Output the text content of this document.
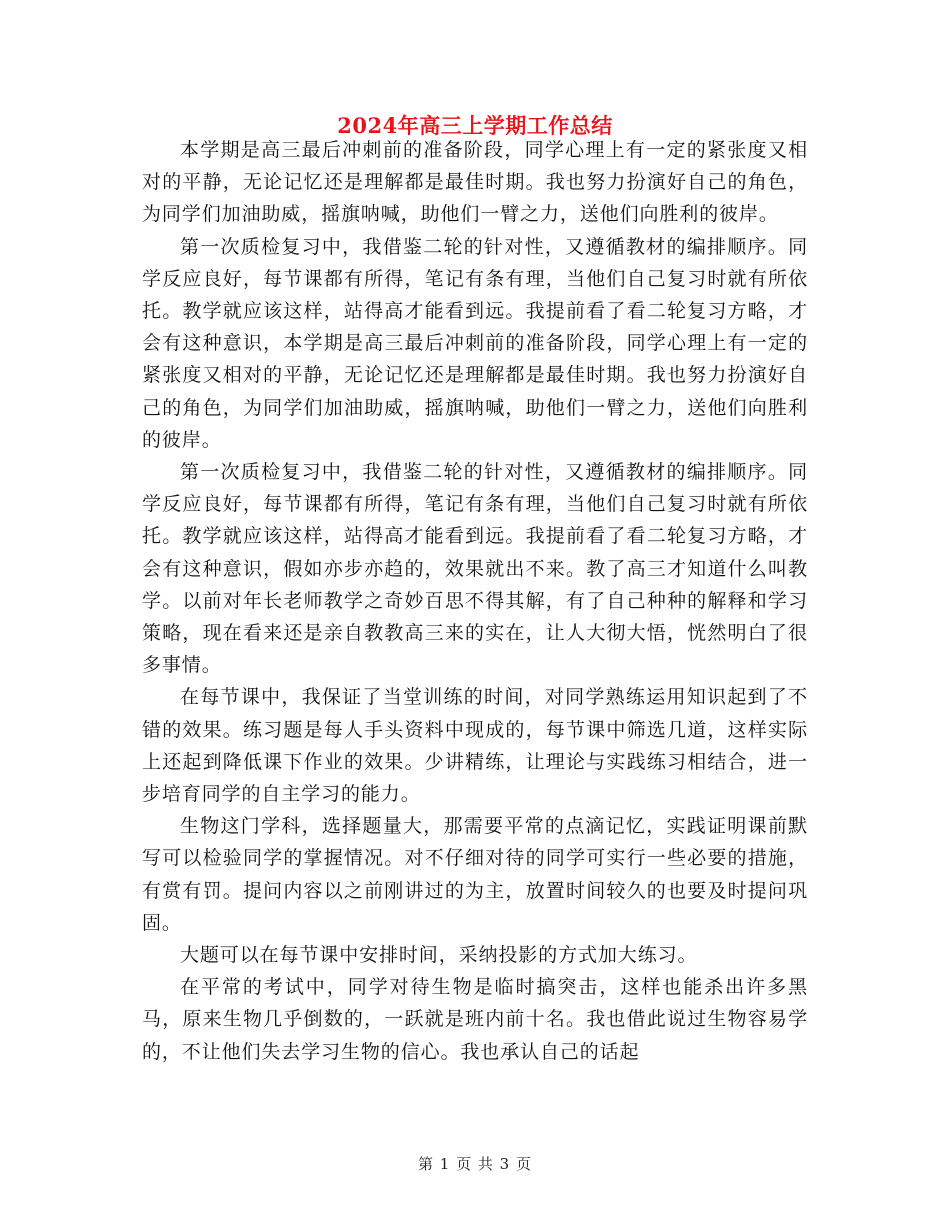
2024年高三上学期工作总结

本学期是高三最后冲刺前的准备阶段，同学心理上有一定的紧张度又相对的平静，无论记忆还是理解都是最佳时期。我也努力扮演好自己的角色，为同学们加油助威，摇旗呐喊，助他们一臂之力，送他们向胜利的彼岸。

第一次质检复习中，我借鉴二轮的针对性，又遵循教材的编排顺序。同学反应良好，每节课都有所得，笔记有条有理，当他们自己复习时就有所依托。教学就应该这样，站得高才能看到远。我提前看了看二轮复习方略，才会有这种意识，本学期是高三最后冲刺前的准备阶段，同学心理上有一定的紧张度又相对的平静，无论记忆还是理解都是最佳时期。我也努力扮演好自己的角色，为同学们加油助威，摇旗呐喊，助他们一臂之力，送他们向胜利的彼岸。

第一次质检复习中，我借鉴二轮的针对性，又遵循教材的编排顺序。同学反应良好，每节课都有所得，笔记有条有理，当他们自己复习时就有所依托。教学就应该这样，站得高才能看到远。我提前看了看二轮复习方略，才会有这种意识，假如亦步亦趋的，效果就出不来。教了高三才知道什么叫教学。以前对年长老师教学之奇妙百思不得其解，有了自己种种的解释和学习策略，现在看来还是亲自教教高三来的实在，让人大彻大悟，恍然明白了很多事情。

在每节课中，我保证了当堂训练的时间，对同学熟练运用知识起到了不错的效果。练习题是每人手头资料中现成的，每节课中筛选几道，这样实际上还起到降低课下作业的效果。少讲精练，让理论与实践练习相结合，进一步培育同学的自主学习的能力。

生物这门学科，选择题量大，那需要平常的点滴记忆，实践证明课前默写可以检验同学的掌握情况。对不仔细对待的同学可实行一些必要的措施，有赏有罚。提问内容以之前刚讲过的为主，放置时间较久的也要及时提问巩固。

大题可以在每节课中安排时间，采纳投影的方式加大练习。

在平常的考试中，同学对待生物是临时搞突击，这样也能杀出许多黑马，原来生物几乎倒数的，一跃就是班内前十名。我也借此说过生物容易学的，不让他们失去学习生物的信心。我也承认自己的话起

第 1 页 共 3 页
